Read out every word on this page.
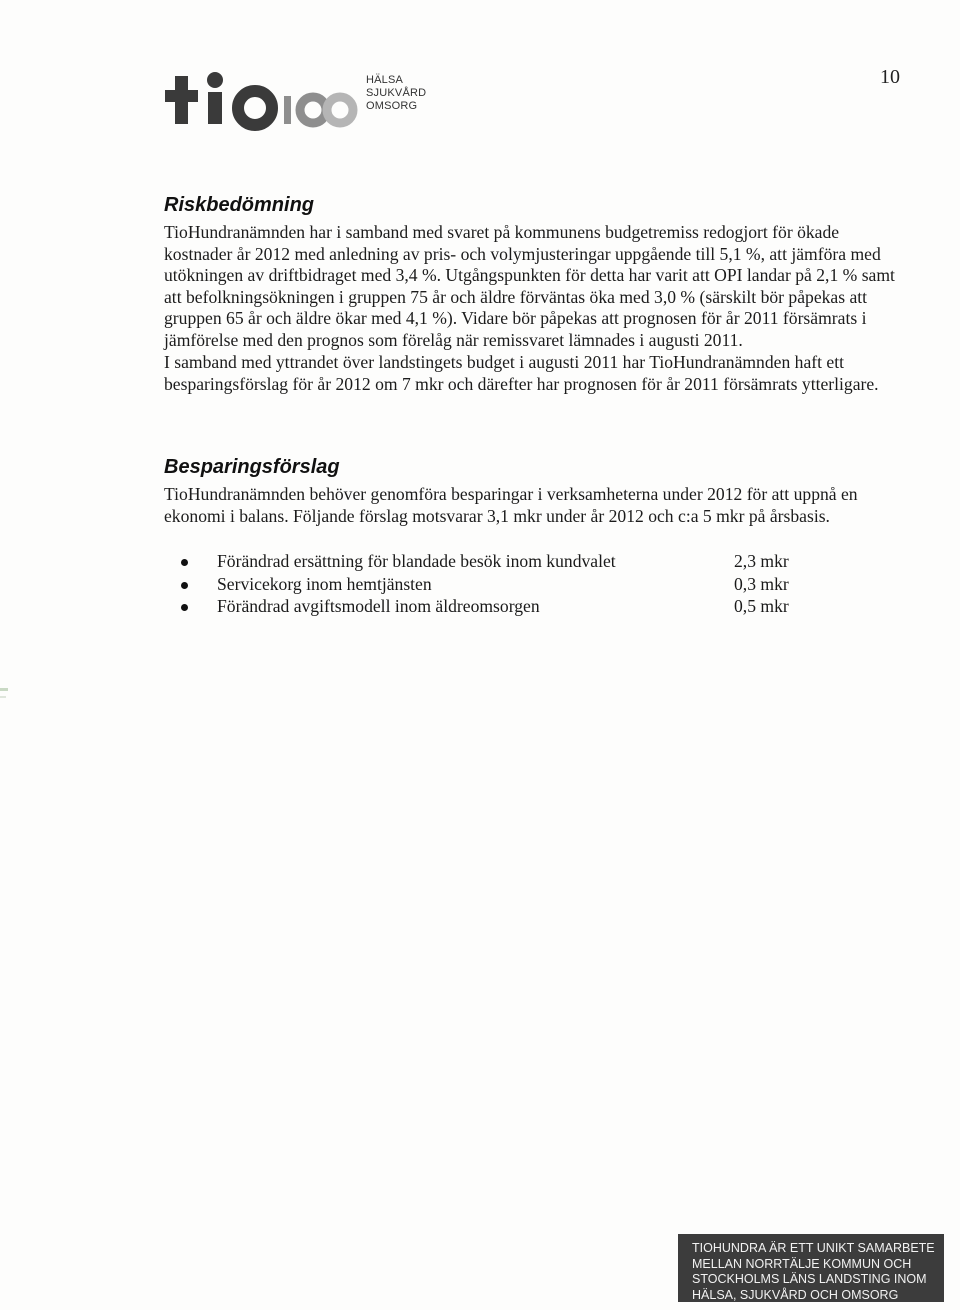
HÄLSA
SJUKVÅRD
OMSORG
10
Riskbedömning

TioHundranämnden har i samband med svaret på kommunens budgetremiss redogjort för ökade kostnader år 2012 med anledning av pris- och volymjusteringar uppgående till 5,1 %, att jämföra med utökningen av driftbidraget med 3,4 %. Utgångspunkten för detta har varit att OPI landar på 2,1 % samt att befolkningsökningen i gruppen 75 år och äldre förväntas öka med 3,0 % (särskilt bör påpekas att gruppen 65 år och äldre ökar med 4,1 %). Vidare bör påpekas att prognosen för år 2011 försämrats i jämförelse med den prognos som förelåg när remissvaret lämnades i augusti 2011.

I samband med yttrandet över landstingets budget i augusti 2011 har TioHundranämnden haft ett besparingsförslag för år 2012 om 7 mkr och därefter har prognosen för år 2011 försämrats ytterligare.

Besparingsförslag

TioHundranämnden behöver genomföra besparingar i verksamheterna under 2012 för att uppnå en ekonomi i balans. Följande förslag motsvarar 3,1 mkr under år 2012 och c:a 5 mkr på årsbasis.

Förändrad ersättning för blandade besök inom kundvalet	2,3 mkr
Servicekorg inom hemtjänsten	0,3 mkr
Förändrad avgiftsmodell inom äldreomsorgen	0,5 mkr
TIOHUNDRA ÄR ETT UNIKT SAMARBETE
MELLAN NORRTÄLJE KOMMUN OCH
STOCKHOLMS LÄNS LANDSTING INOM
HÄLSA, SJUKVÅRD OCH OMSORG
